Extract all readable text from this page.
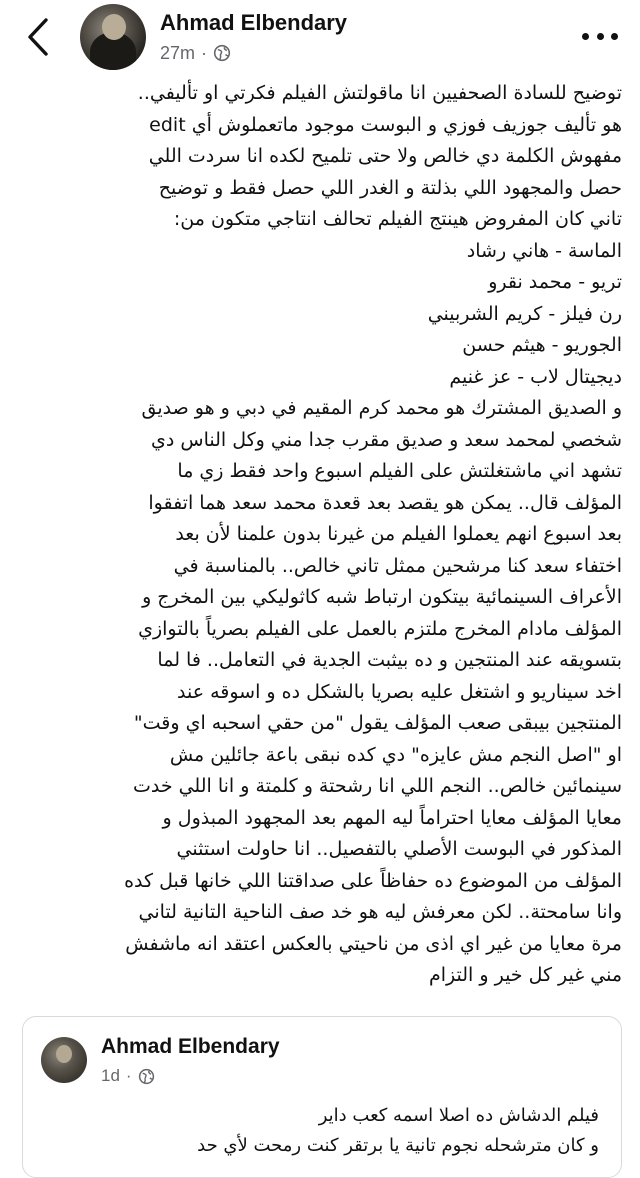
Ahmad Elbendary
27m ·
توضيح للسادة الصحفيين انا ماقولتش الفيلم فكرتي او تأليفي..
هو تأليف جوزيف فوزي و البوست موجود ماتعملوش أي edit
مفهوش الكلمة دي خالص ولا حتى تلميح لكده انا سردت اللي
حصل والمجهود اللي بذلتة و الغدر اللي حصل فقط و توضيح
تاني كان المفروض هينتج الفيلم تحالف انتاجي متكون من:
الماسة - هاني رشاد
تريو - محمد نقرو
رن فيلز - كريم الشربيني
الجوريو - هيثم حسن
ديجيتال لاب - عز غنيم
و الصديق المشترك هو محمد كرم المقيم في دبي و هو صديق
شخصي لمحمد سعد و صديق مقرب جدا مني وكل الناس دي
تشهد اني ماشتغلتش على الفيلم اسبوع واحد فقط زي ما
المؤلف قال.. يمكن هو يقصد بعد قعدة محمد سعد هما اتفقوا
بعد اسبوع انهم يعملوا الفيلم من غيرنا بدون علمنا لأن بعد
اختفاء سعد كنا مرشحين ممثل تاني خالص.. بالمناسبة في
الأعراف السينمائية بيتكون ارتباط شبه كاثوليكي بين المخرج و
المؤلف مادام المخرج ملتزم بالعمل على الفيلم بصرياً بالتوازي
بتسويقه عند المنتجين و ده بيثبت الجدية في التعامل.. فا لما
اخد سيناريو و اشتغل عليه بصريا بالشكل ده و اسوقه عند
المنتجين بيبقى صعب المؤلف يقول "من حقي اسحبه اي وقت"
او "اصل النجم مش عايزه" دي كده نبقى باعة جائلين مش
سينمائين خالص.. النجم اللي انا رشحتة و كلمتة و انا اللي خدت
معايا المؤلف معايا احتراماً ليه المهم بعد المجهود المبذول و
المذكور في البوست الأصلي بالتفصيل.. انا حاولت استثني
المؤلف من الموضوع ده حفاظاً على صداقتنا اللي خانها قبل كده
وانا سامحتة.. لكن معرفش ليه هو خد صف الناحية التانية لتاني
مرة معايا من غير اي اذى من ناحيتي بالعكس اعتقد انه ماشفش
مني غير كل خير و التزام
Ahmad Elbendary
1d ·
فيلم الدشاش ده اصلا اسمه كعب داير
و كان مترشحله نجوم تانية يا برتقر كنت رمحت لأي حد
